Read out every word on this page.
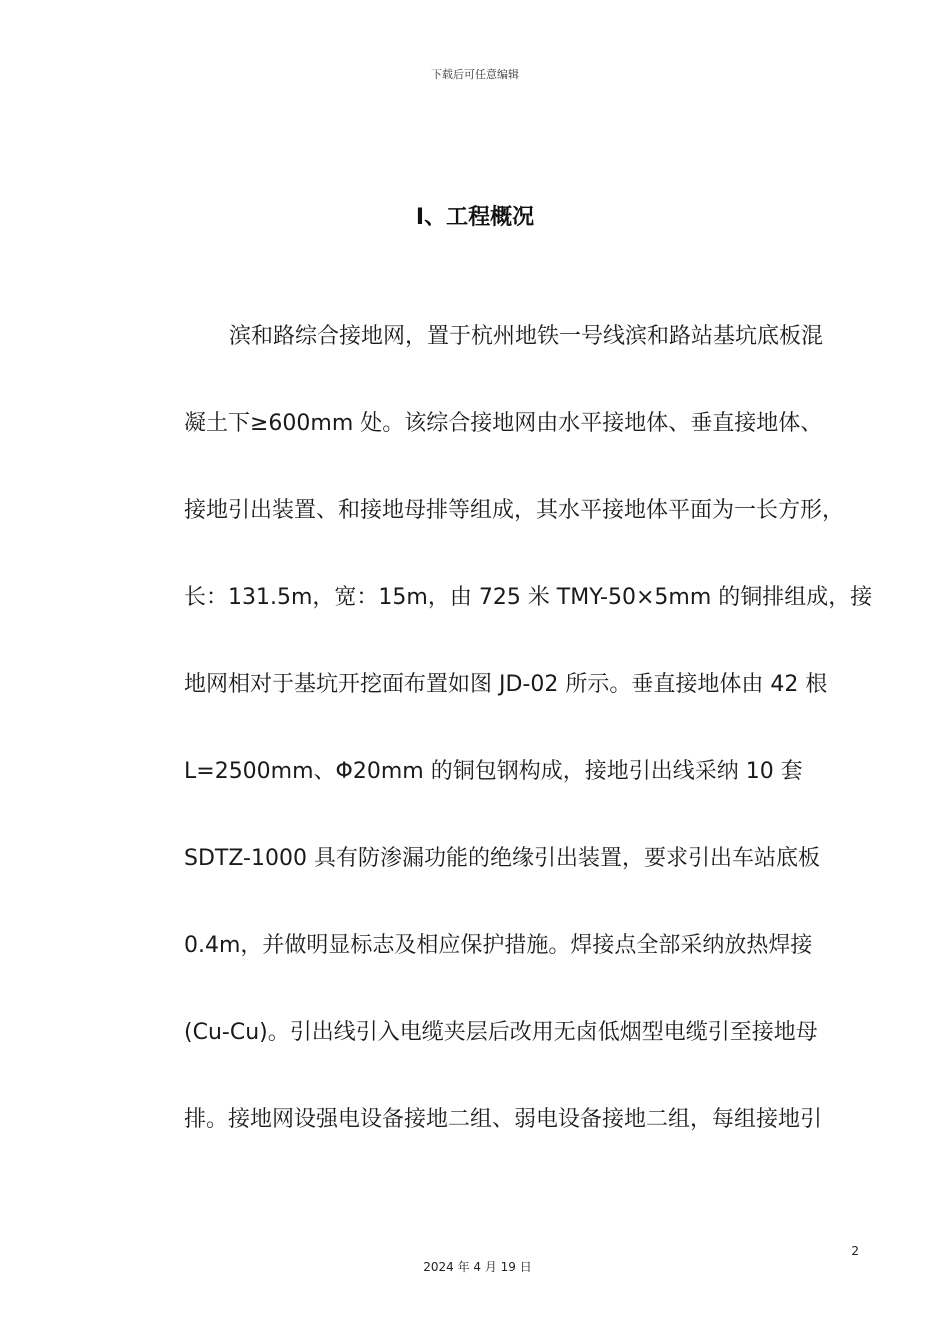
下载后可任意编辑
Ⅰ、工程概况
滨和路综合接地网，置于杭州地铁一号线滨和路站基坑底板混
凝土下≥600mm 处。该综合接地网由水平接地体、垂直接地体、
接地引出装置、和接地母排等组成，其水平接地体平面为一长方形，
长：131.5m，宽：15m，由 725 米 TMY-50×5mm 的铜排组成，接
地网相对于基坑开挖面布置如图 JD-02 所示。垂直接地体由 42 根
L=2500mm、Φ20mm 的铜包钢构成，接地引出线采纳 10 套
SDTZ-1000 具有防渗漏功能的绝缘引出装置，要求引出车站底板
0.4m，并做明显标志及相应保护措施。焊接点全部采纳放热焊接
(Cu-Cu)。引出线引入电缆夹层后改用无卤低烟型电缆引至接地母
排。接地网设强电设备接地二组、弱电设备接地二组，每组接地引
2
2024 年 4 月 19 日
